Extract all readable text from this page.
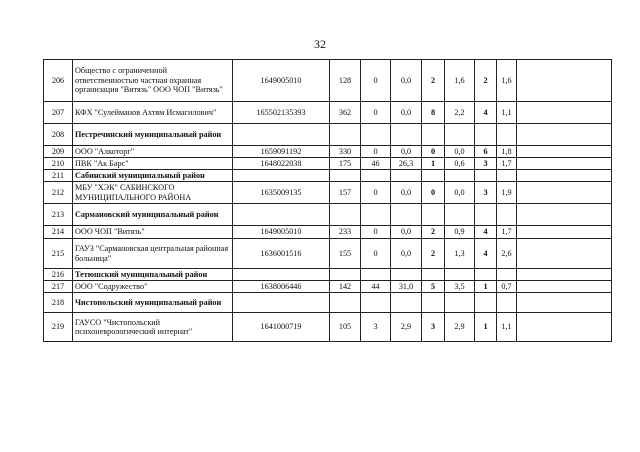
32
206	Общество с ограниченной ответственностью частная охранная организация "Витязь" ООО ЧОП "Витязь"	1649005010	128	0	0,0	2	1,6	2	1,6	
207	КФХ "Сулейманов Ахтям Исмагилович"	165502135393	362	0	0,0	8	2,2	4	1,1	
208	Пестречинский муниципальный район									
209	ООО "Алкоторг"	1659091192	330	0	0,0	0	0,0	6	1,8	
210	ПВК "Ак Барс"	1648022038	175	46	26,3	1	0,6	3	1,7	
211	Сабинский муниципальный район									
212	МБУ "ХЭК" САБИНСКОГО МУНИЦИПАЛЬНОГО РАЙОНА	1635009135	157	0	0,0	0	0,0	3	1,9	
213	Сармановский муниципальный район									
214	ООО ЧОП "Витязь"	1649005010	233	0	0,0	2	0,9	4	1,7	
215	ГАУЗ "Сармановская центральная районная больница"	1636001516	155	0	0,0	2	1,3	4	2,6	
216	Тетюшский муниципальный район									
217	ООО "Содружество"	1638006446	142	44	31,0	5	3,5	1	0,7	
218	Чистопольский муниципальный район									
219	ГАУСО "Чистопольский психоневрологический интернат"	1641000719	105	3	2,9	3	2,9	1	1,1	
